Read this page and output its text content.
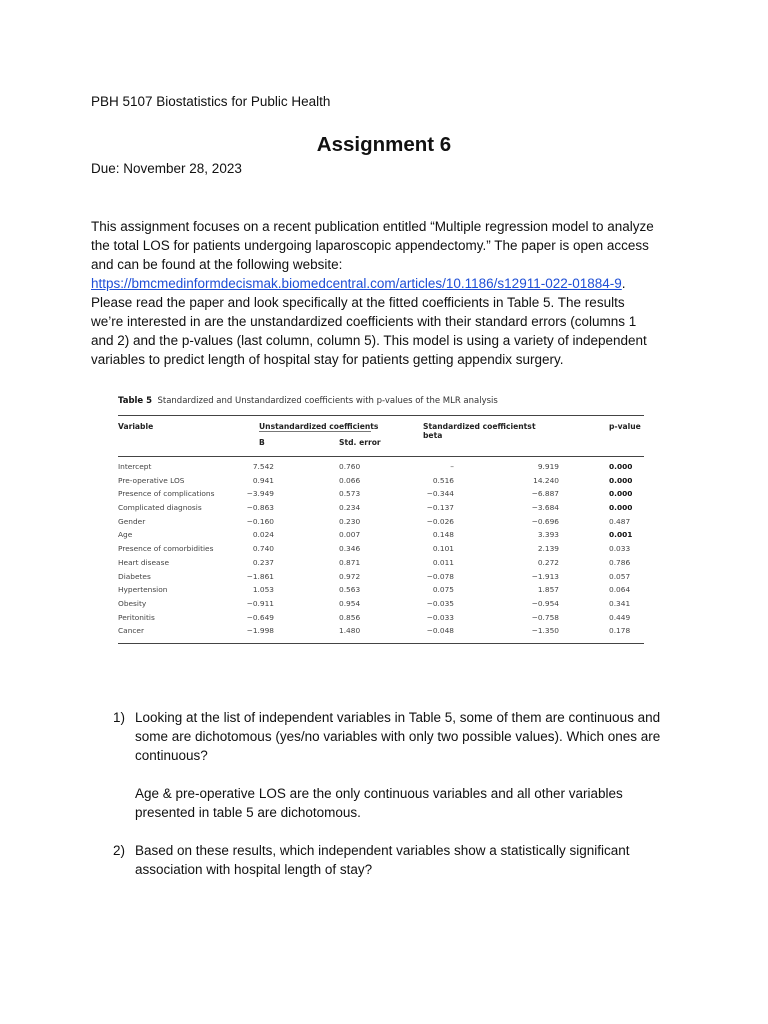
PBH 5107 Biostatistics for Public Health
Assignment 6
Due: November 28, 2023
This assignment focuses on a recent publication entitled “Multiple regression model to analyze
the total LOS for patients undergoing laparoscopic appendectomy.” The paper is open access
and can be found at the following website:
https://bmcmedinformdecismak.biomedcentral.com/articles/10.1186/s12911-022-01884-9.
Please read the paper and look specifically at the fitted coefficients in Table 5. The results
we’re interested in are the unstandardized coefficients with their standard errors (columns 1
and 2) and the p-values (last column, column 5). This model is using a variety of independent
variables to predict length of hospital stay for patients getting appendix surgery.
Table 5 Standardized and Unstandardized coefficients with p-values of the MLR analysis
Variable	Unstandardized coefficients
B	Std. error
Standardized coefficients
beta
t	p-value
Intercept	7.542	0.760	–	9.919	0.000
Pre-operative LOS	0.941	0.066	0.516	14.240	0.000
Presence of complications	−3.949	0.573	−0.344	−6.887	0.000
Complicated diagnosis	−0.863	0.234	−0.137	−3.684	0.000
Gender	−0.160	0.230	−0.026	−0.696	0.487
Age	0.024	0.007	0.148	3.393	0.001
Presence of comorbidities	0.740	0.346	0.101	2.139	0.033
Heart disease	0.237	0.871	0.011	0.272	0.786
Diabetes	−1.861	0.972	−0.078	−1.913	0.057
Hypertension	1.053	0.563	0.075	1.857	0.064
Obesity	−0.911	0.954	−0.035	−0.954	0.341
Peritonitis	−0.649	0.856	−0.033	−0.758	0.449
Cancer	−1.998	1.480	−0.048	−1.350	0.178
1) Looking at the list of independent variables in Table 5, some of them are continuous and
some are dichotomous (yes/no variables with only two possible values). Which ones are
continuous?
Age & pre-operative LOS are the only continuous variables and all other variables
presented in table 5 are dichotomous.
2) Based on these results, which independent variables show a statistically significant
association with hospital length of stay?
